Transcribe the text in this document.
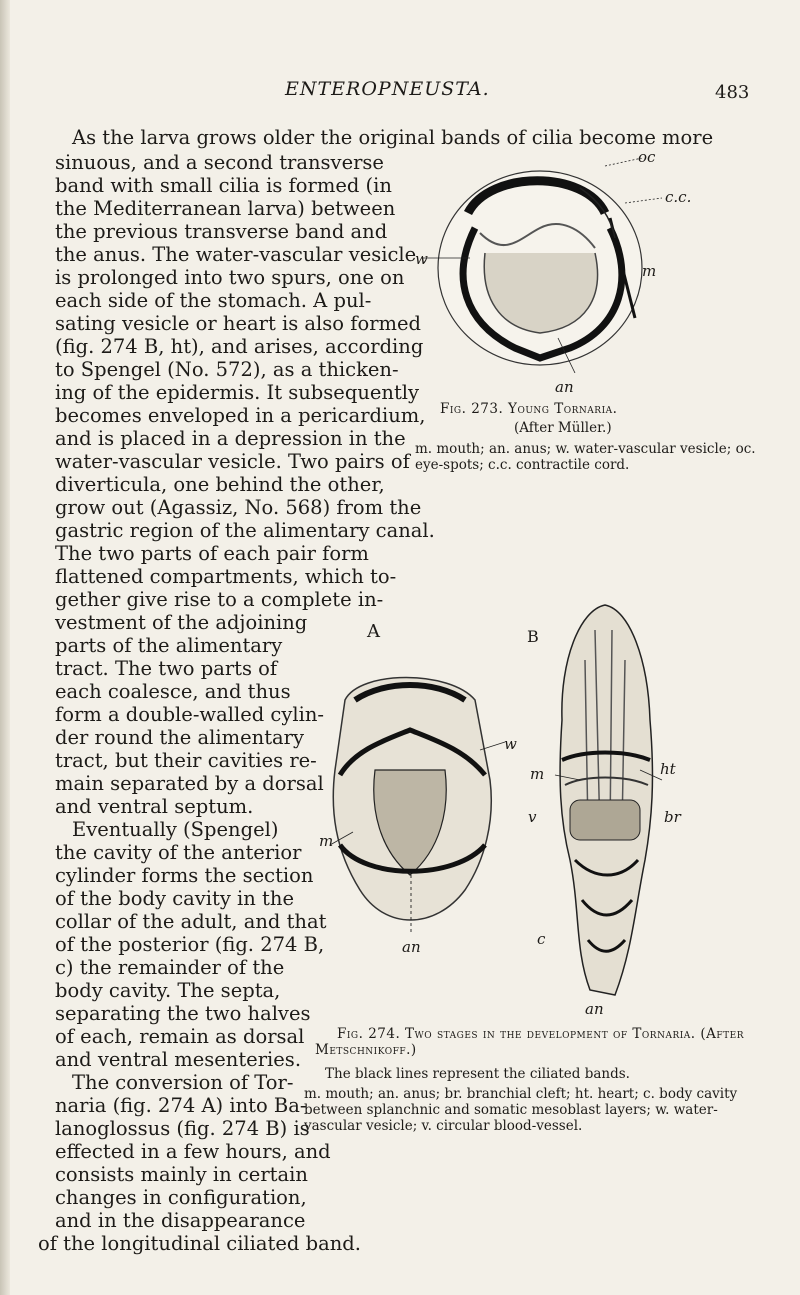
ENTEROPNEUSTA.	483
As the larva grows older the original bands of cilia become more
sinuous, and a second transverse
band with small cilia is formed (in
the Mediterranean larva) between
the previous transverse band and
the anus. The water-vascular vesicle
is prolonged into two spurs, one on
each side of the stomach. A pul-
sating vesicle or heart is also formed
(fig. 274 B, ht), and arises, according
to Spengel (No. 572), as a thicken-
ing of the epidermis. It subsequently
becomes enveloped in a pericardium,
and is placed in a depression in the
water-vascular vesicle. Two pairs of
diverticula, one behind the other,
grow out (Agassiz, No. 568) from the
gastric region of the alimentary canal.
The two parts of each pair form
flattened compartments, which to-
gether give rise to a complete in-
vestment of the adjoining
parts of the alimentary
tract. The two parts of
each coalesce, and thus
form a double-walled cylin-
der round the alimentary
tract, but their cavities re-
main separated by a dorsal
and ventral septum.
Eventually (Spengel)
the cavity of the anterior
cylinder forms the section
of the body cavity in the
collar of the adult, and that
of the posterior (fig. 274 B,
c) the remainder of the
body cavity. The septa,
separating the two halves
of each, remain as dorsal
and ventral mesenteries.
The conversion of Tor-
naria (fig. 274 A) into Ba-
lanoglossus (fig. 274 B) is
effected in a few hours, and
consists mainly in certain
changes in configuration,
and in the disappearance
of the longitudinal ciliated band.
oc
c.c.
w
m
an
Fig. 273. Young Tornaria.
(After Müller.)
m. mouth; an. anus; w. water-vascular vesicle; oc. eye-spots; c.c. contractile cord.
A	B
w
m
an
m	ht
v	br
c
an
Fig. 274. Two stages in the development of Tornaria. (After Metschnikoff.)
The black lines represent the ciliated bands.
m. mouth; an. anus; br. branchial cleft; ht. heart; c. body cavity between splanchnic and somatic mesoblast layers; w. water-vascular vesicle; v. circular blood-vessel.
